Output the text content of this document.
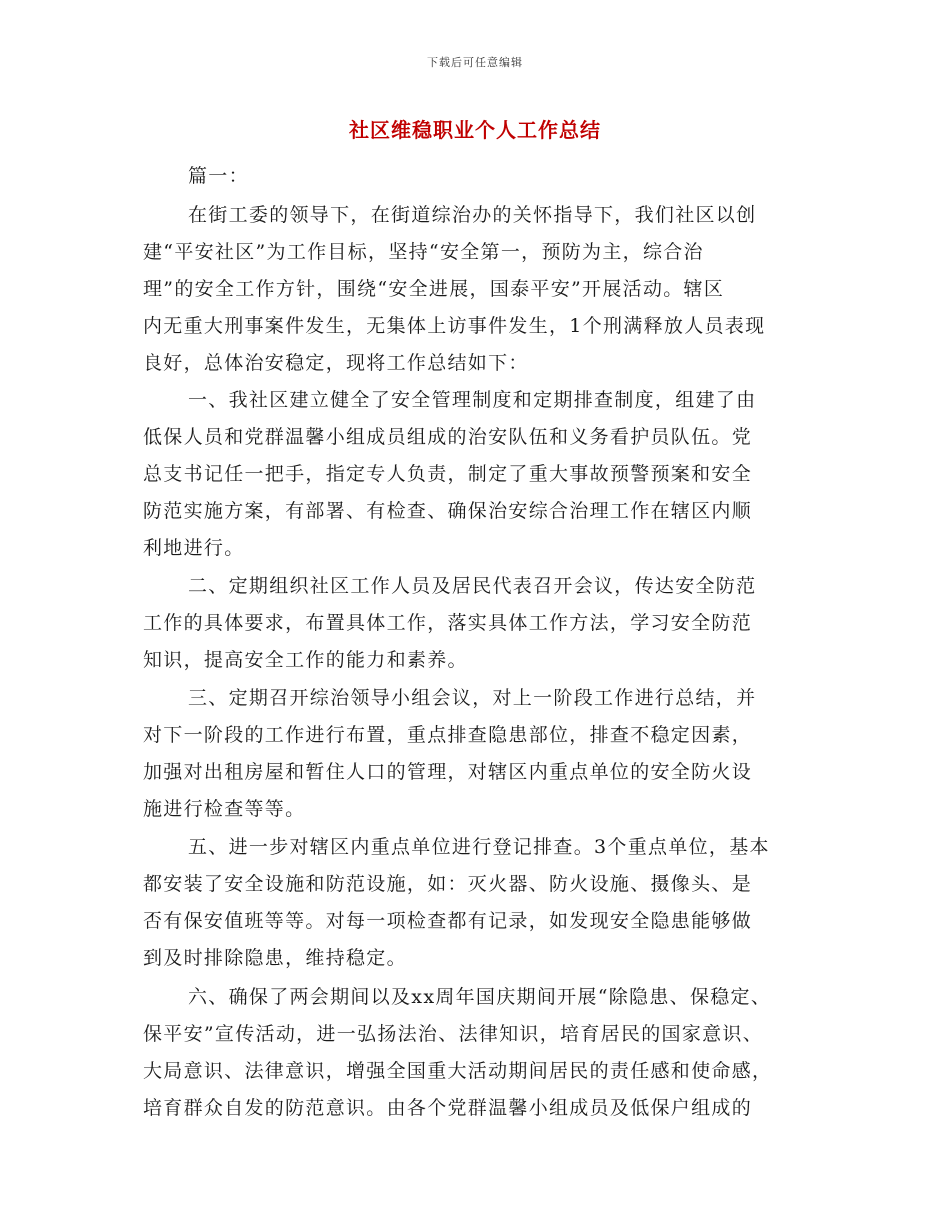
下载后可任意编辑
社区维稳职业个人工作总结
篇一：
在街工委的领导下，在街道综治办的关怀指导下，我们社区以创
建“平安社区”为工作目标，坚持“安全第一，预防为主，综合治
理”的安全工作方针，围绕“安全进展，国泰平安”开展活动。辖区
内无重大刑事案件发生，无集体上访事件发生，1个刑满释放人员表现
良好，总体治安稳定，现将工作总结如下：
一、我社区建立健全了安全管理制度和定期排查制度，组建了由
低保人员和党群温馨小组成员组成的治安队伍和义务看护员队伍。党
总支书记任一把手，指定专人负责，制定了重大事故预警预案和安全
防范实施方案，有部署、有检查、确保治安综合治理工作在辖区内顺
利地进行。
二、定期组织社区工作人员及居民代表召开会议，传达安全防范
工作的具体要求，布置具体工作，落实具体工作方法，学习安全防范
知识，提高安全工作的能力和素养。
三、定期召开综治领导小组会议，对上一阶段工作进行总结，并
对下一阶段的工作进行布置，重点排查隐患部位，排查不稳定因素，
加强对出租房屋和暂住人口的管理，对辖区内重点单位的安全防火设
施进行检查等等。
五、进一步对辖区内重点单位进行登记排查。3个重点单位，基本
都安装了安全设施和防范设施，如：灭火器、防火设施、摄像头、是
否有保安值班等等。对每一项检查都有记录，如发现安全隐患能够做
到及时排除隐患，维持稳定。
六、确保了两会期间以及xx周年国庆期间开展“除隐患、保稳定、
保平安”宣传活动，进一弘扬法治、法律知识，培育居民的国家意识、
大局意识、法律意识，增强全国重大活动期间居民的责任感和使命感，
培育群众自发的防范意识。由各个党群温馨小组成员及低保户组成的
